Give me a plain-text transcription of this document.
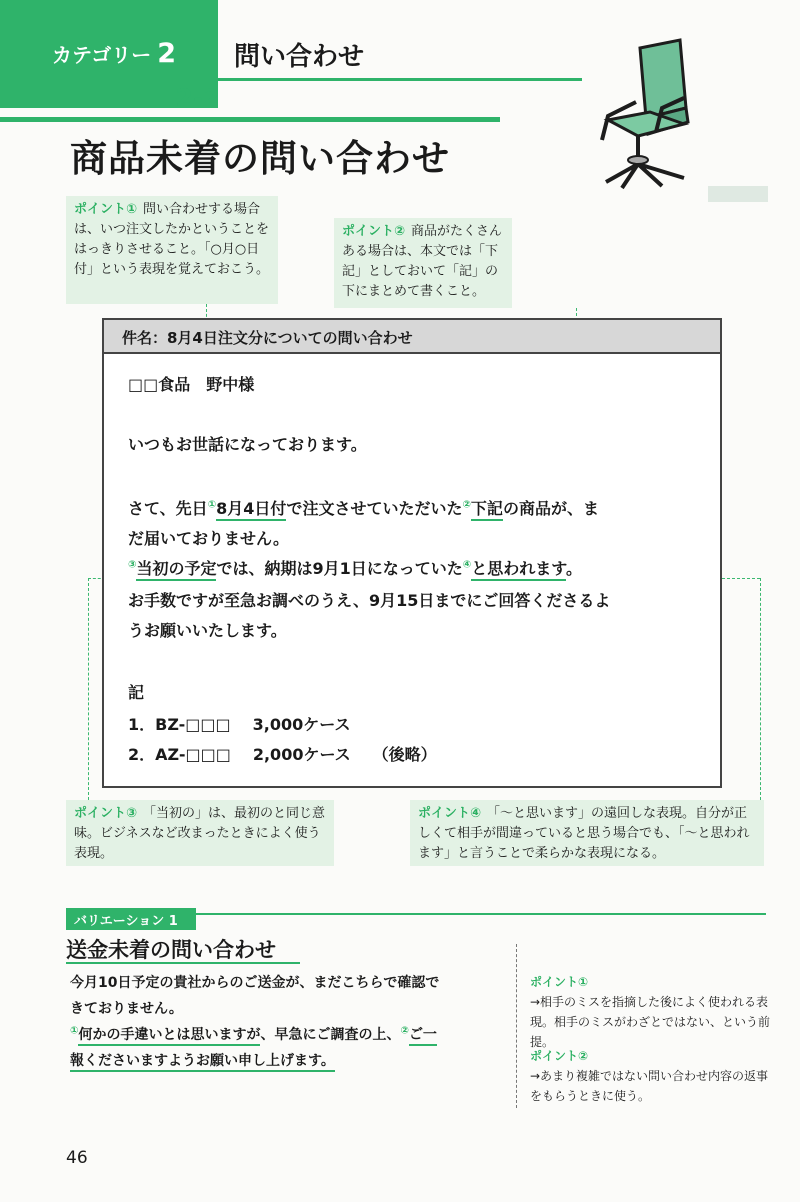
カテゴリー 2 問い合わせ
2-2
商品未着の問い合わせ
ポイント① 問い合わせする場合は、いつ注文したかということをはっきりさせること。「○月○日付」という表現を覚えておこう。
ポイント② 商品がたくさんある場合は、本文では「下記」としておいて「記」の下にまとめて書くこと。
件名：8月4日注文分についての問い合わせ
□□食品　野中様
いつもお世話になっております。
さて、先日①8月4日付で注文させていただいた②下記の商品が、ま
だ届いておりません。
③当初の予定では、納期は9月1日になっていた④と思われます。
お手数ですが至急お調べのうえ、9月15日までにご回答くださるよ
うお願いいたします。
記
1．BZ-□□□ 3,000ケース
2．AZ-□□□ 2,000ケース （後略）
ポイント③ 「当初の」は、最初のと同じ意味。ビジネスなど改まったときによく使う表現。
ポイント④ 「～と思います」の遠回しな表現。自分が正しくて相手が間違っていると思う場合でも、「～と思われます」と言うことで柔らかな表現になる。
バリエーション 1
送金未着の問い合わせ
今月10日予定の貴社からのご送金が、まだこちらで確認で
きておりません。
①何かの手違いとは思いますが、早急にご調査の上、②ご一
報くださいますようお願い申し上げます。
ポイント①
→相手のミスを指摘した後によく使われる表現。相手のミスがわざとではない、という前提。
ポイント②
→あまり複雑ではない問い合わせ内容の返事をもらうときに使う。
46
